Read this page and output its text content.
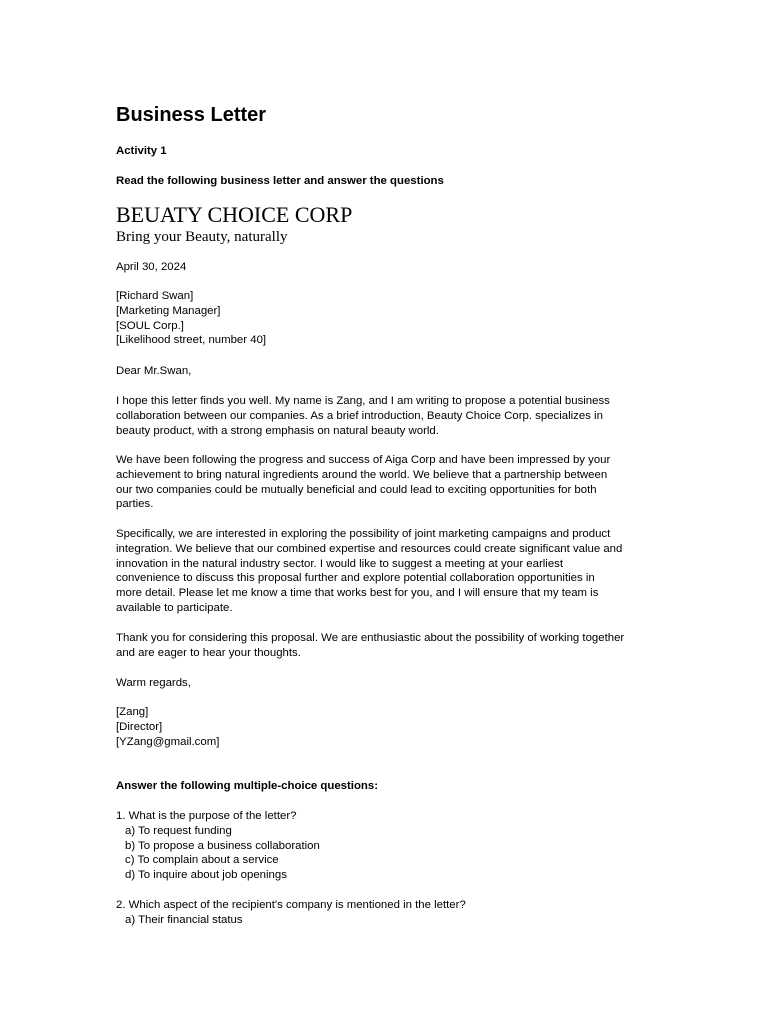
Business Letter
Activity 1
Read the following business letter and answer the questions
BEUATY CHOICE CORP
Bring your Beauty, naturally
April 30, 2024
[Richard Swan]
[Marketing Manager]
[SOUL Corp.]
[Likelihood street, number 40]
Dear Mr.Swan,
I hope this letter finds you well. My name is Zang, and I am writing to propose a potential business
collaboration between our companies. As a brief introduction, Beauty Choice Corp. specializes in
beauty product, with a strong emphasis on natural beauty world.
We have been following the progress and success of Aiga Corp and have been impressed by your
achievement to bring natural ingredients around the world. We believe that a partnership between
our two companies could be mutually beneficial and could lead to exciting opportunities for both
parties.
Specifically, we are interested in exploring the possibility of joint marketing campaigns and product
integration. We believe that our combined expertise and resources could create significant value and
innovation in the natural industry sector. I would like to suggest a meeting at your earliest
convenience to discuss this proposal further and explore potential collaboration opportunities in
more detail. Please let me know a time that works best for you, and I will ensure that my team is
available to participate.
Thank you for considering this proposal. We are enthusiastic about the possibility of working together
and are eager to hear your thoughts.
Warm regards,
[Zang]
[Director]
[YZang@gmail.com]
Answer the following multiple-choice questions:
1. What is the purpose of the letter?
a) To request funding
b) To propose a business collaboration
c) To complain about a service
d) To inquire about job openings
2. Which aspect of the recipient's company is mentioned in the letter?
a) Their financial status
